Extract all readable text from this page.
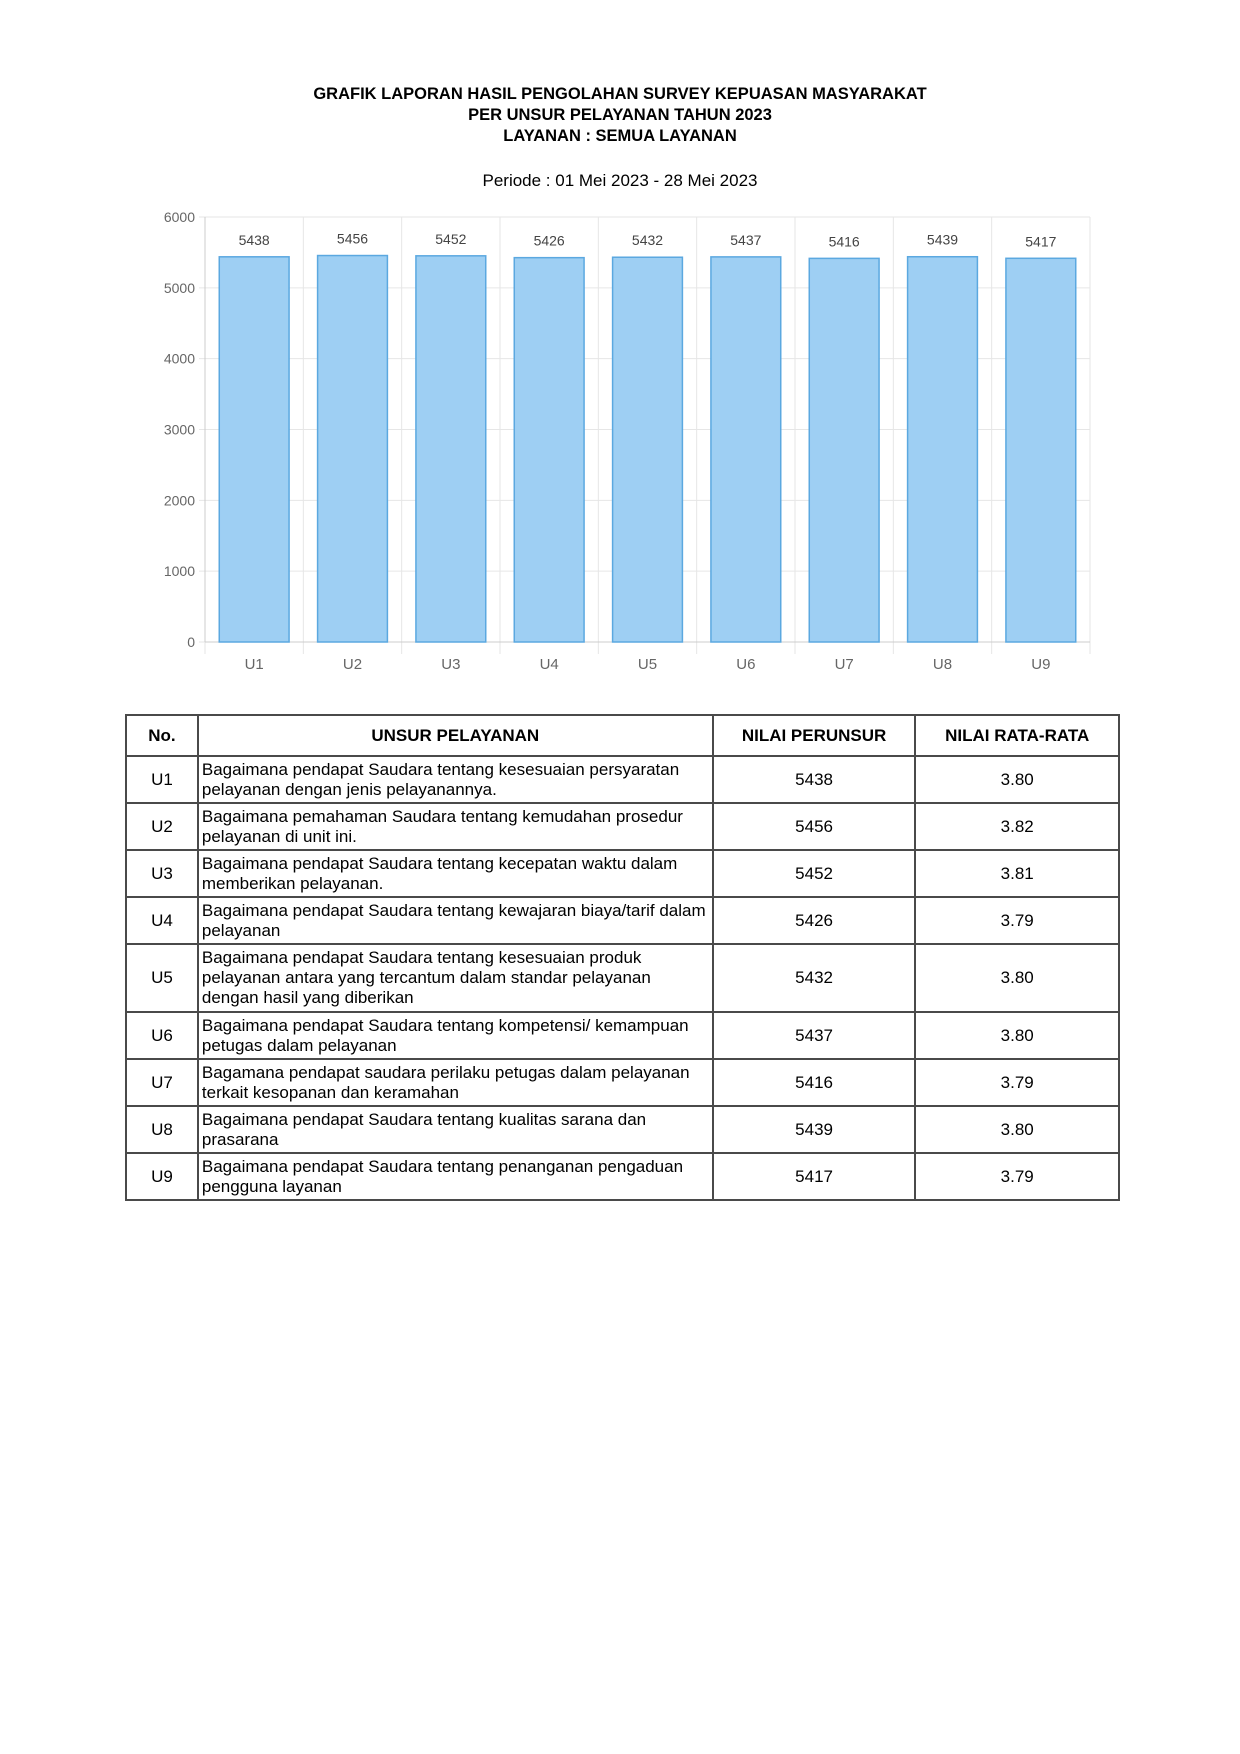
GRAFIK LAPORAN HASIL PENGOLAHAN SURVEY KEPUASAN MASYARAKAT
PER UNSUR PELAYANAN TAHUN 2023
LAYANAN : SEMUA LAYANAN
Periode : 01 Mei 2023 - 28 Mei 2023
0
1000
2000
3000
4000
5000
6000
5438
U1
5456
U2
5452
U3
5426
U4
5432
U5
5437
U6
5416
U7
5439
U8
5417
U9
No.	UNSUR PELAYANAN	NILAI PERUNSUR	NILAI RATA-RATA
U1	Bagaimana pendapat Saudara tentang kesesuaian persyaratan pelayanan dengan jenis pelayanannya.	5438	3.80
U2	Bagaimana pemahaman Saudara tentang kemudahan prosedur pelayanan di unit ini.	5456	3.82
U3	Bagaimana pendapat Saudara tentang kecepatan waktu dalam memberikan pelayanan.	5452	3.81
U4	Bagaimana pendapat Saudara tentang kewajaran biaya/tarif dalam pelayanan	5426	3.79
U5	Bagaimana pendapat Saudara tentang kesesuaian produk pelayanan antara yang tercantum dalam standar pelayanan dengan hasil yang diberikan	5432	3.80
U6	Bagaimana pendapat Saudara tentang kompetensi/ kemampuan petugas dalam pelayanan	5437	3.80
U7	Bagamana pendapat saudara perilaku petugas dalam pelayanan terkait kesopanan dan keramahan	5416	3.79
U8	Bagaimana pendapat Saudara tentang kualitas sarana dan prasarana	5439	3.80
U9	Bagaimana pendapat Saudara tentang penanganan pengaduan pengguna layanan	5417	3.79
